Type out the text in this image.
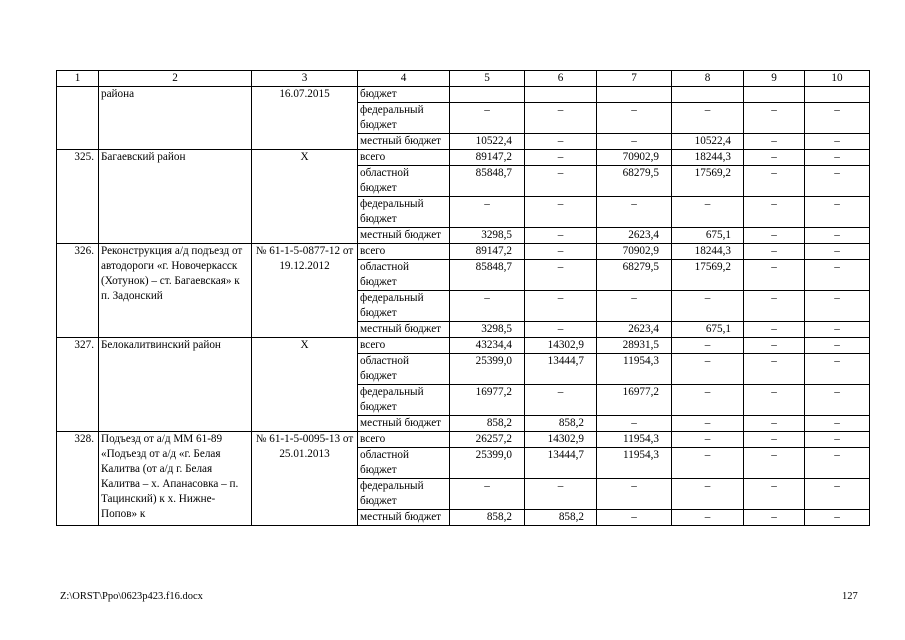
1	2	3	4	5	6	7	8	9	10
	района	16.07.2015	бюджет						
			федеральный бюджет	–	–	–	–	–	–
			местный бюджет	10522,4	–	–	10522,4	–	–
325.	Багаевский район	Х	всего	89147,2	–	70902,9	18244,3	–	–
			областной бюджет	85848,7	–	68279,5	17569,2	–	–
			федеральный бюджет	–	–	–	–	–	–
			местный бюджет	3298,5	–	2623,4	675,1	–	–
326.	Реконструкция а/д подъезд от автодороги «г. Новочеркасск (Хотунок) – ст. Багаевская» к п. Задонский	№ 61-1-5-0877-12 от 19.12.2012	всего	89147,2	–	70902,9	18244,3	–	–
			областной бюджет	85848,7	–	68279,5	17569,2	–	–
			федеральный бюджет	–	–	–	–	–	–
			местный бюджет	3298,5	–	2623,4	675,1	–	–
327.	Белокалитвинский район	Х	всего	43234,4	14302,9	28931,5	–	–	–
			областной бюджет	25399,0	13444,7	11954,3	–	–	–
			федеральный бюджет	16977,2	–	16977,2	–	–	–
			местный бюджет	858,2	858,2	–	–	–	–
328.	Подъезд от а/д ММ 61-89 «Подъезд от а/д «г. Белая Калитва (от а/д г. Белая Калитва – х. Апанасовка – п. Тацинский) к х. Нижне-Попов» к	№ 61-1-5-0095-13 от 25.01.2013	всего	26257,2	14302,9	11954,3	–	–	–
			областной бюджет	25399,0	13444,7	11954,3	–	–	–
			федеральный бюджет	–	–	–	–	–	–
			местный бюджет	858,2	858,2	–	–	–	–
Z:\ORST\Ppo\0623p423.f16.docx	127
